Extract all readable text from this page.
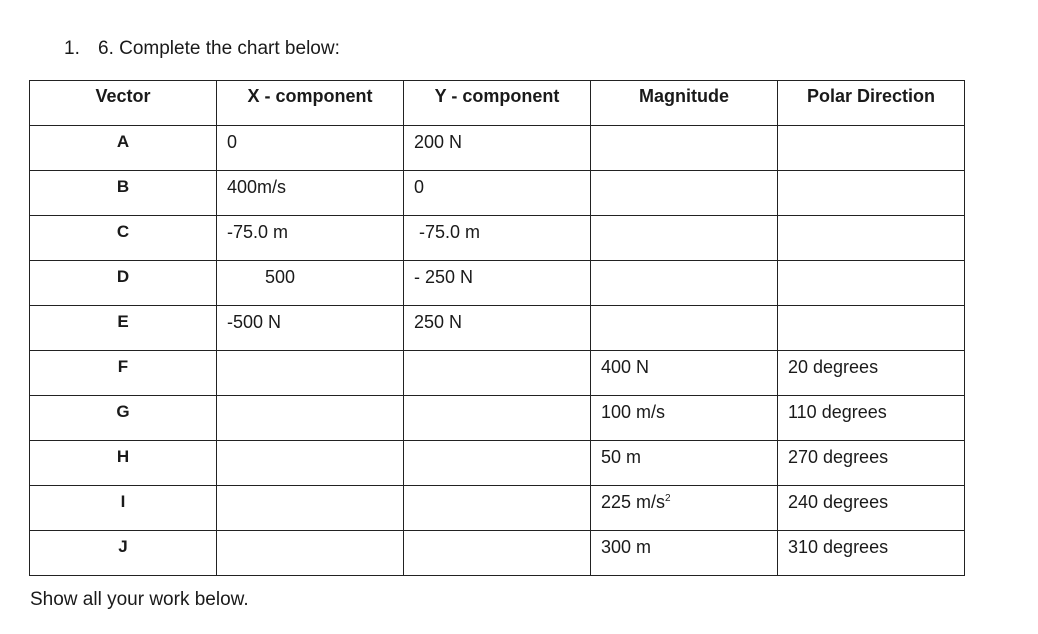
1. 6. Complete the chart below:
Vector	X - component	Y - component	Magnitude	Polar Direction
A	0	200 N		
B	400m/s	0		
C	-75.0 m	-75.0 m		
D	500	- 250 N		
E	-500 N	250 N		
F			400 N	20 degrees
G			100 m/s	110 degrees
H			50 m	270 degrees
I			225 $m/s^2$	240 degrees
J			300 m	310 degrees
Show all your work below.
